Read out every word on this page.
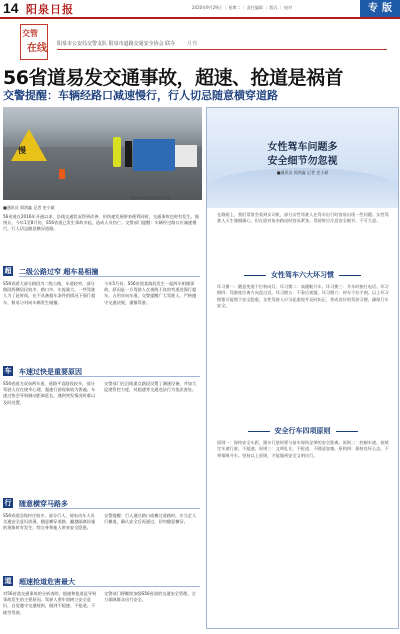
14 阳泉日报	2020年9月29日 ｜ 星期二 ｜ 责任编辑 ｜ 版式 ｜ 校对	专 版
交管
在线 阳泉市公安局交警支队 阳泉市道路交通安全协会 联办 月刊
56省道易发交通事故，超速、抢道是祸首
交警提醒：车辆经路口减速慢行，行人切忌随意横穿道路
慢
交警在S56省道对车辆进行检查
■通讯员 郭鸿鑫 记者 史小斌
56省道在2016年开通以来，沿线交通状况得到改善，但快速发展带来便利同时，交通事故也时有发生。据统计，今年1至8月份，S56省道已发生事故多起，造成人员伤亡。交警部门提醒：车辆经过路口应减速慢行，行人切忌随意横穿道路。
超 二级公路过窄 超车易相撞
S56省道大部分路段为二级公路，车道较窄，部分路段两侧居民较多，路口多，车流量大。一些驾驶人为了赶时间，在不具备超车条件的情况下强行超车，极易与对向车辆发生碰撞。
今年5月份，S56省道某路段发生一起两车相撞事故，原因是一方驾驶人在视线不良的弯道处强行超车，占用对向车道。交警提醒广大驾驶人，严格遵守交通法规，谨慎驾驶。
车 车速过快是重要原因
S56省道为双向两车道，道路平直路段较多，部分驾驶人存在侥幸心理，超速行驶现象较为普遍。车速过快会导致制动距离延长，遇到突发情况时难以及时处置。
交警部门在沿线重点路段设置了测速设备，并加大巡逻管控力度，对超速等交通违法行为依法查处。
行 随意横穿马路多
S56省道沿线村庄较多，部分行人、骑电动车人员交通安全意识淡薄，随意横穿道路、翻越隔离设施的现象时有发生，给自身和他人带来安全隐患。
交警提醒：行人通过路口或横过道路时，应当走人行横道，确认安全后再通过，切勿随意横穿。
道 超速抢道危害最大
对56省道交通事故的分析表明，超速和抢道是导致事故发生的主要原因。驾驶人要牢固树立安全意识，自觉遵守交通规则，做到不超速、不抢道、不疲劳驾驶。
交警部门将继续加强S56省道的交通安全管理，全力保障群众出行安全。
女性驾车问题多
安全细节勿忽视
■通讯员 郭鸿鑫 记者 史小斌
在路面上，我们常常会看到女司机，部分女性驾驶人在驾车出行时容易出现一些问题。女性驾驶人天生谨慎细心，但在面对复杂路况时容易紧张。驾驶时应注意安全细节，不可大意。
女性驾车六大坏习惯
坏习惯一：随意变道不打转向灯。坏习惯二：高跟鞋开车。坏习惯三：开车时接打电话。坏习惯四：驾驶座位离方向盘过近。坏习惯五：不看后视镜。坏习惯六：停车不拉手刹。以上坏习惯都可能埋下安全隐患，女性驾驶人应引起重视并及时纠正，养成良好的驾驶习惯，确保行车安全。
安全行车四项原则
原则一：保持安全车距，跟车行驶时要与前车保持足够的安全距离。原则二：控制车速，按规定车速行驶，不超速。原则三：文明礼让，不抢道、不随意加塞。原则四：保持良好心态，不带情绪开车。坚持以上原则，才能做到安全文明出行。
